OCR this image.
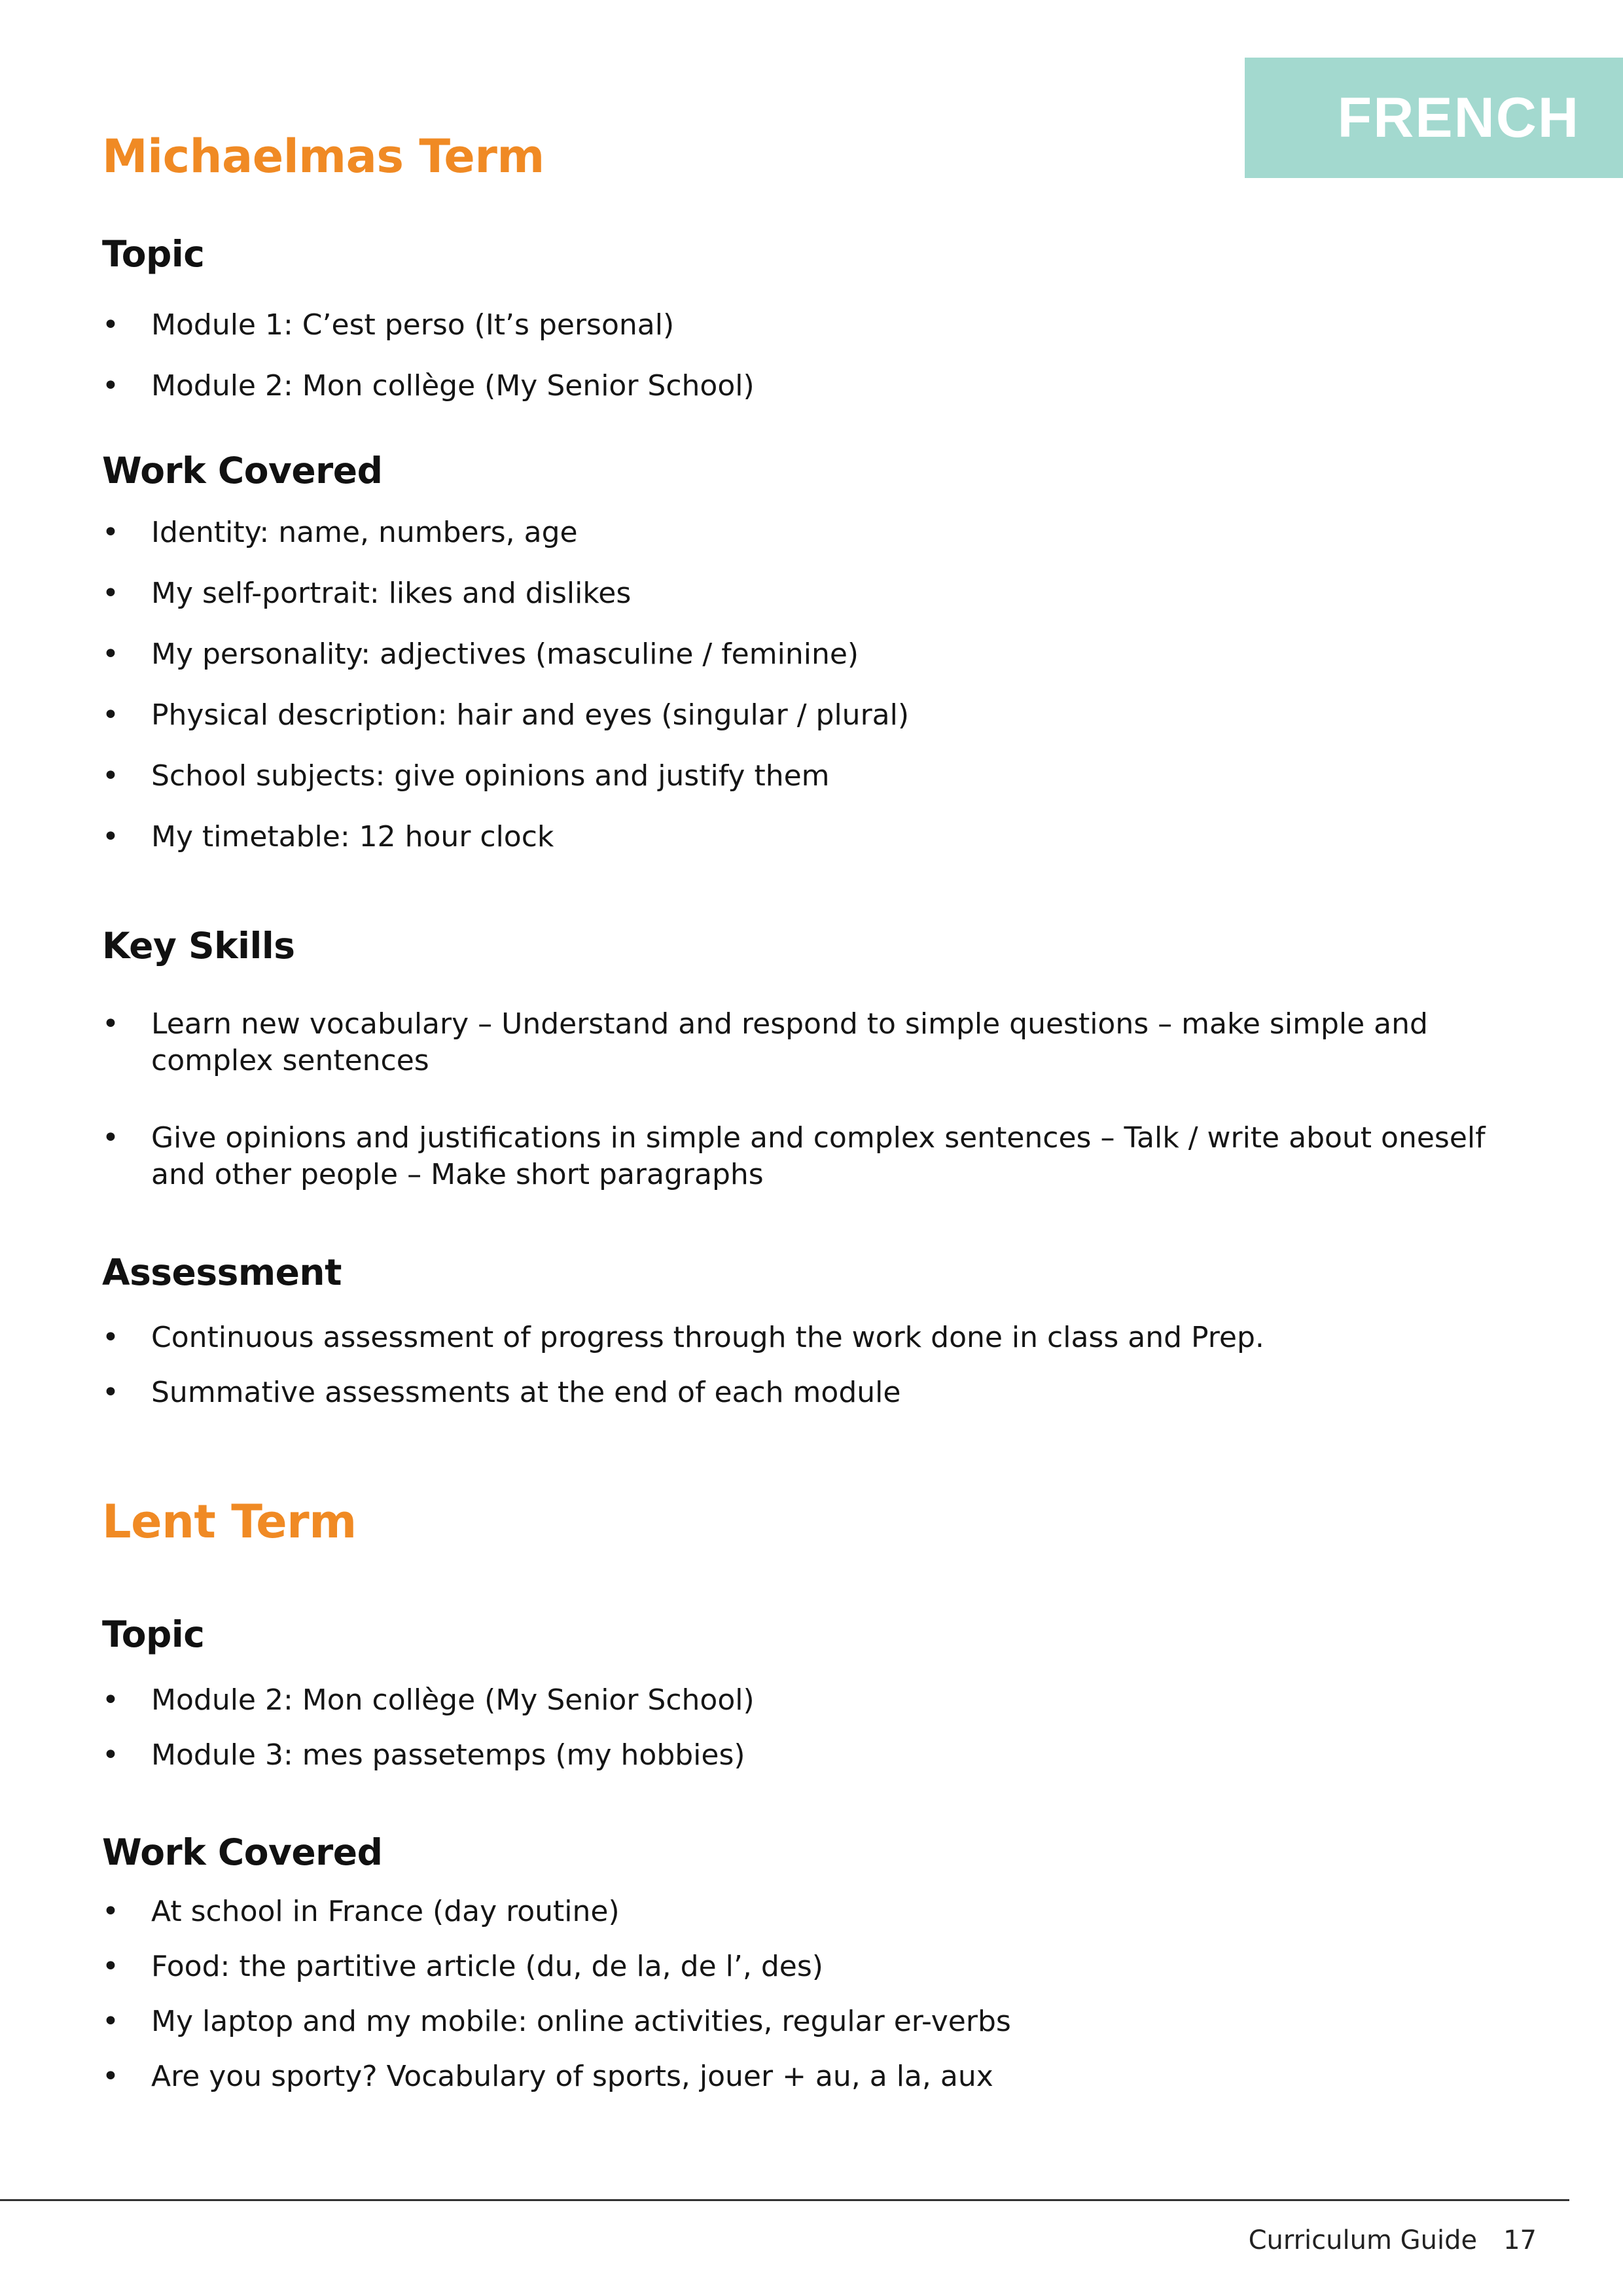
FRENCH
Michaelmas Term
Topic
• Module 1: C’est perso (It’s personal)
• Module 2: Mon collège (My Senior School)
Work Covered
• Identity: name, numbers, age
• My self-portrait: likes and dislikes
• My personality: adjectives (masculine / feminine)
• Physical description: hair and eyes (singular / plural)
• School subjects: give opinions and justify them
• My timetable: 12 hour clock
Key Skills
• Learn new vocabulary – Understand and respond to simple questions – make simple and complex sentences
• Give opinions and justifications in simple and complex sentences – Talk / write about oneself and other people – Make short paragraphs
Assessment
• Continuous assessment of progress through the work done in class and Prep.
• Summative assessments at the end of each module
Lent Term
Topic
• Module 2: Mon collège (My Senior School)
• Module 3: mes passetemps (my hobbies)
Work Covered
• At school in France (day routine)
• Food: the partitive article (du, de la, de l’, des)
• My laptop and my mobile: online activities, regular er-verbs
• Are you sporty? Vocabulary of sports, jouer + au, a la, aux
Curriculum Guide 17
